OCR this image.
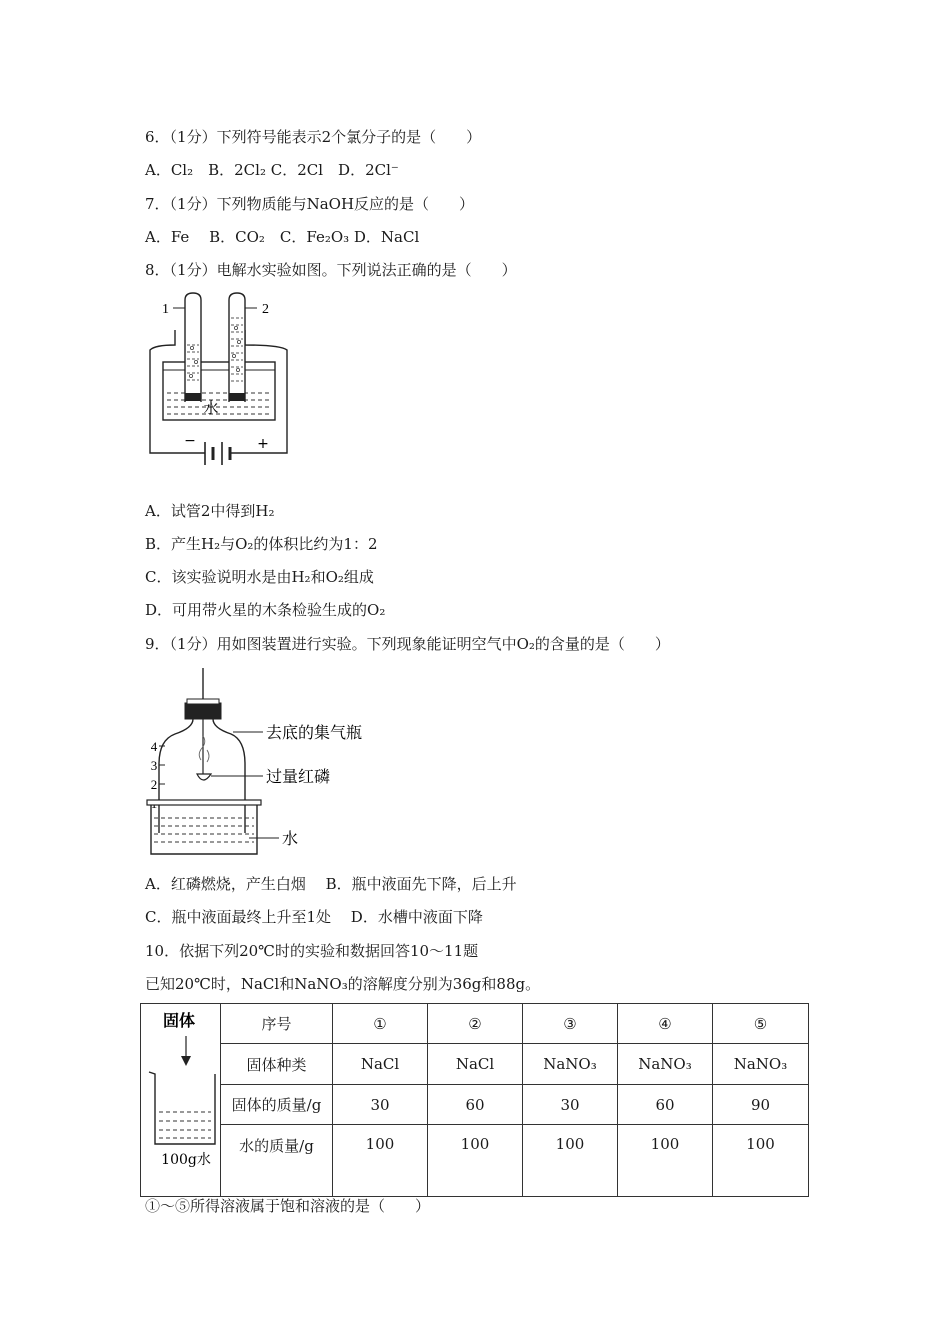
6．（1分）下列符号能表示2个氯分子的是（　　）
A．Cl₂　B．2Cl₂ C．2Cl　D．2Cl⁻
7．（1分）下列物质能与NaOH反应的是（　　）
A．Fe　 B．CO₂　C．Fe₂O₃ D．NaCl
8．（1分）电解水实验如图。下列说法正确的是（　　）
1	2
水
−	+
A．试管2中得到H₂
B．产生H₂与O₂的体积比约为1：2
C．该实验说明水是由H₂和O₂组成
D．可用带火星的木条检验生成的O₂
9．（1分）用如图装置进行实验。下列现象能证明空气中O₂的含量的是（　　）
4
3
2
去底的集气瓶
过量红磷
水
A．红磷燃烧，产生白烟　 B．瓶中液面先下降，后上升
C．瓶中液面最终上升至1处　 D．水槽中液面下降
10．依据下列20℃时的实验和数据回答10～11题
已知20℃时，NaCl和NaNO₃的溶解度分别为36g和88g。
固体
100g水	序号	①	②	③	④	⑤
	固体种类	NaCl	NaCl	NaNO₃	NaNO₃	NaNO₃
	固体的质量/g	30	60	30	60	90
	水的质量/g	100	100	100	100	100
①～⑤所得溶液属于饱和溶液的是（　　）
